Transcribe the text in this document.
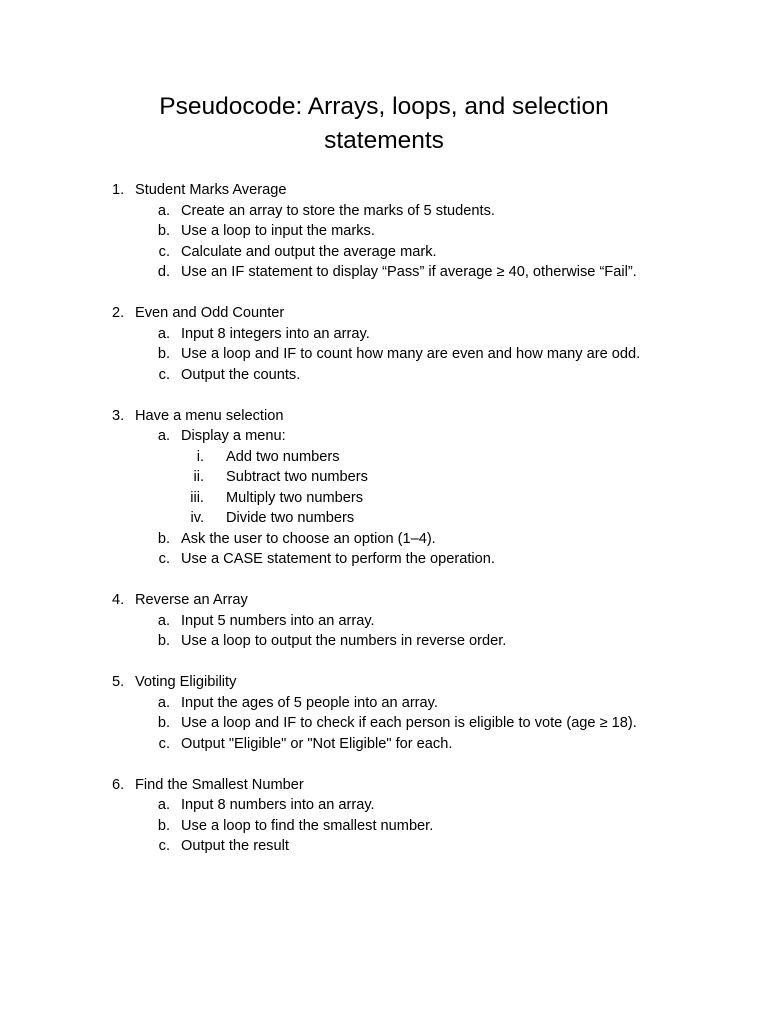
Pseudocode: Arrays, loops, and selection
statements
1. Student Marks Average
a. Create an array to store the marks of 5 students.
b. Use a loop to input the marks.
c. Calculate and output the average mark.
d. Use an IF statement to display “Pass” if average ≥ 40, otherwise “Fail”.
2. Even and Odd Counter
a. Input 8 integers into an array.
b. Use a loop and IF to count how many are even and how many are odd.
c. Output the counts.
3. Have a menu selection
a. Display a menu:
i. Add two numbers
ii. Subtract two numbers
iii. Multiply two numbers
iv. Divide two numbers
b. Ask the user to choose an option (1–4).
c. Use a CASE statement to perform the operation.
4. Reverse an Array
a. Input 5 numbers into an array.
b. Use a loop to output the numbers in reverse order.
5. Voting Eligibility
a. Input the ages of 5 people into an array.
b. Use a loop and IF to check if each person is eligible to vote (age ≥ 18).
c. Output "Eligible" or "Not Eligible" for each.
6. Find the Smallest Number
a. Input 8 numbers into an array.
b. Use a loop to find the smallest number.
c. Output the result
